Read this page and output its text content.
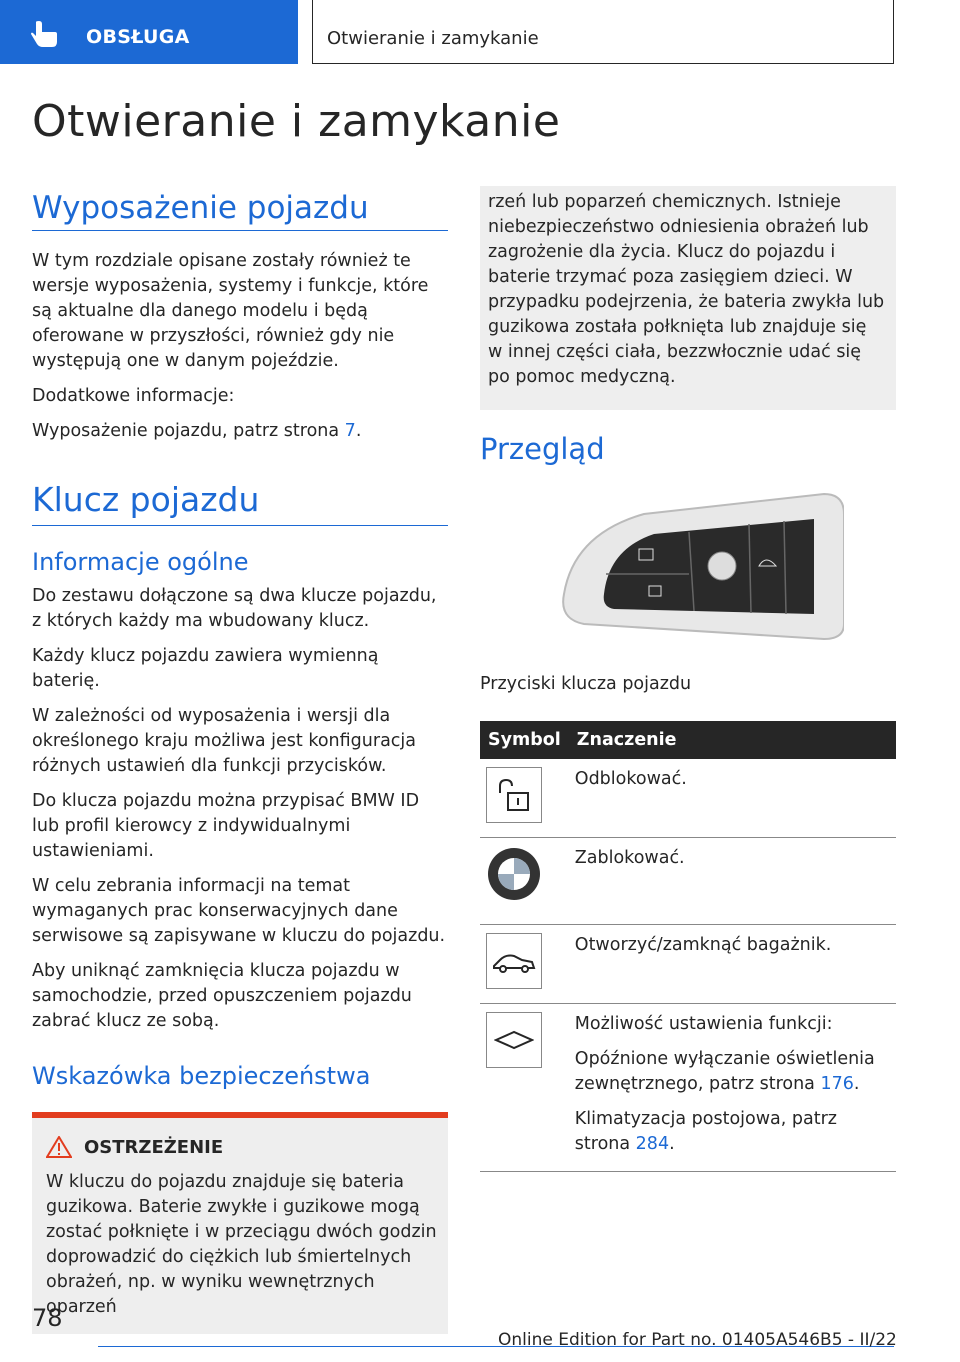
OBSŁUGA	Otwieranie i zamykanie
Otwieranie i zamykanie
Wyposażenie pojazdu

W tym rozdziale opisane zostały również te wersje wyposażenia, systemy i funkcje, które są aktualne dla danego modelu i będą oferowane w przyszłości, również gdy nie występują one w danym pojeździe.

Dodatkowe informacje:

Wyposażenie pojazdu, patrz strona 7.

Klucz pojazdu
Informacje ogólne

Do zestawu dołączone są dwa klucze pojazdu, z których każdy ma wbudowany klucz.

Każdy klucz pojazdu zawiera wymienną baterię.

W zależności od wyposażenia i wersji dla określonego kraju możliwa jest konfiguracja różnych ustawień dla funkcji przycisków.

Do klucza pojazdu można przypisać BMW ID lub profil kierowcy z indywidualnymi ustawieniami.

W celu zebrania informacji na temat wymaganych prac konserwacyjnych dane serwisowe są zapisywane w kluczu do pojazdu.

Aby uniknąć zamknięcia klucza pojazdu w samochodzie, przed opuszczeniem pojazdu zabrać klucz ze sobą.

Wskazówka bezpieczeństwa
OSTRZEŻENIE

W kluczu do pojazdu znajduje się bateria guzikowa. Baterie zwykłe i guzikowe mogą zostać połknięte i w przeciągu dwóch godzin doprowadzić do ciężkich lub śmiertelnych obrażeń, np. w wyniku wewnętrznych oparzeń

rzeń lub poparzeń chemicznych. Istnieje niebezpieczeństwo odniesienia obrażeń lub zagrożenie dla życia. Klucz do pojazdu i baterie trzymać poza zasięgiem dzieci. W przypadku podejrzenia, że bateria zwykła lub guzikowa została połknięta lub znajduje się w innej części ciała, bezzwłocznie udać się po pomoc medyczną.

Przegląd

Przyciski klucza pojazdu

Symbol	Znaczenie

	Odblokować.
	Zablokować.

	Otworzyć/zamknąć bagażnik.

Możliwość ustawienia funkcji:
Opóźnione wyłączanie oświetlenia zewnętrznego, patrz strona 176.
Klimatyzacja postojowa, patrz strona 284.
78
Online Edition for Part no. 01405A546B5 - II/22
